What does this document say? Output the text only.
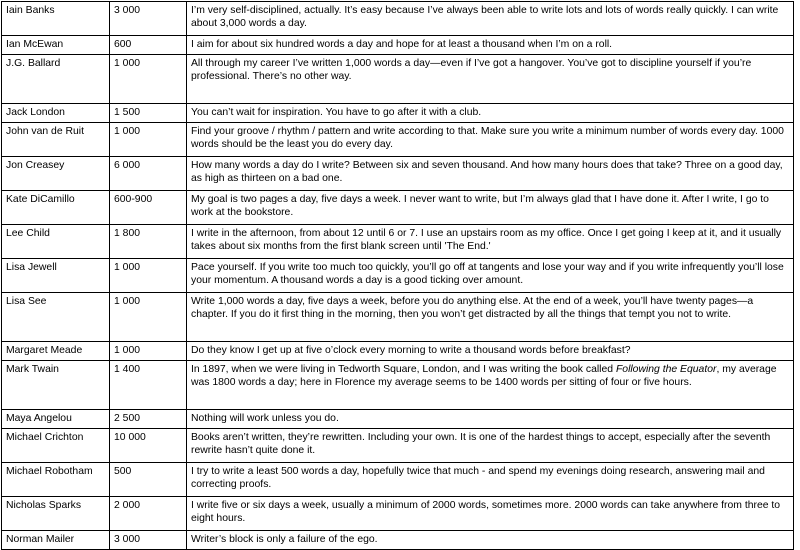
Iain Banks	3 000	I’m very self-disciplined, actually. It’s easy because I’ve always been able to write lots and lots of words really quickly. I can write about 3,000 words a day.
Ian McEwan	600	I aim for about six hundred words a day and hope for at least a thousand when I’m on a roll.
J.G. Ballard	1 000	All through my career I’ve written 1,000 words a day—even if I’ve got a hangover. You’ve got to discipline yourself if you’re professional. There’s no other way.
Jack London	1 500	You can’t wait for inspiration. You have to go after it with a club.
John van de Ruit	1 000	Find your groove / rhythm / pattern and write according to that. Make sure you write a minimum number of words every day. 1000 words should be the least you do every day.
Jon Creasey	6 000	How many words a day do I write? Between six and seven thousand. And how many hours does that take? Three on a good day, as high as thirteen on a bad one.
Kate DiCamillo	600-900	My goal is two pages a day, five days a week. I never want to write, but I’m always glad that I have done it. After I write, I go to work at the bookstore.
Lee Child	1 800	I write in the afternoon, from about 12 until 6 or 7. I use an upstairs room as my office. Once I get going I keep at it, and it usually takes about six months from the first blank screen until 'The End.'
Lisa Jewell	1 000	Pace yourself. If you write too much too quickly, you’ll go off at tangents and lose your way and if you write infrequently you’ll lose your momentum. A thousand words a day is a good ticking over amount.
Lisa See	1 000	Write 1,000 words a day, five days a week, before you do anything else. At the end of a week, you’ll have twenty pages—a chapter. If you do it first thing in the morning, then you won’t get distracted by all the things that tempt you not to write.
Margaret Meade	1 000	Do they know I get up at five o’clock every morning to write a thousand words before breakfast?
Mark Twain	1 400	In 1897, when we were living in Tedworth Square, London, and I was writing the book called Following the Equator, my average was 1800 words a day; here in Florence my average seems to be 1400 words per sitting of four or five hours.
Maya Angelou	2 500	Nothing will work unless you do.
Michael Crichton	10 000	Books aren’t written, they’re rewritten. Including your own. It is one of the hardest things to accept, especially after the seventh rewrite hasn’t quite done it.
Michael Robotham	500	I try to write a least 500 words a day, hopefully twice that much - and spend my evenings doing research, answering mail and correcting proofs.
Nicholas Sparks	2 000	I write five or six days a week, usually a minimum of 2000 words, sometimes more. 2000 words can take anywhere from three to eight hours.
Norman Mailer	3 000	Writer’s block is only a failure of the ego.
